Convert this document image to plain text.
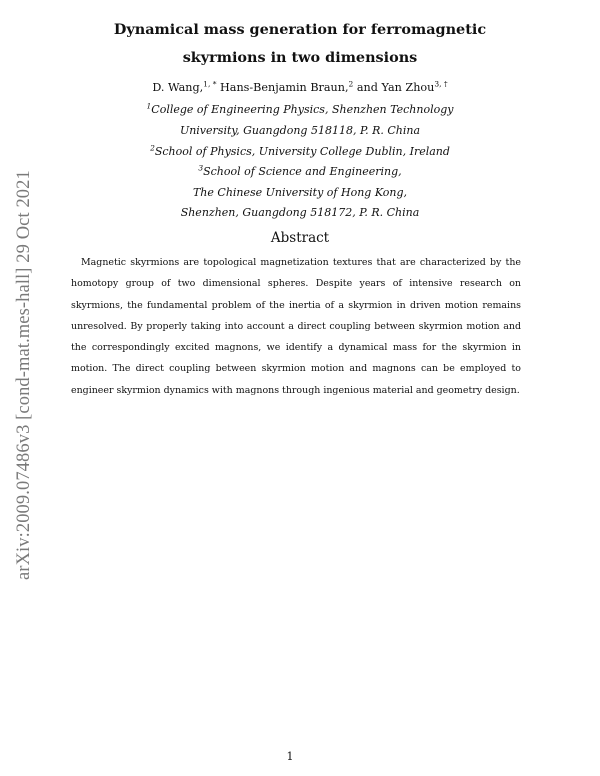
arXiv:2009.07486v3 [cond-mat.mes-hall] 29 Oct 2021
Dynamical mass generation for ferromagnetic skyrmions in two dimensions
D. Wang,$^{1, *}$ Hans-Benjamin Braun,$^2$ and Yan Zhou$^{3, \dagger}$
$^1$College of Engineering Physics, Shenzhen Technology
University, Guangdong 518118, P. R. China
$^2$School of Physics, University College Dublin, Ireland
$^3$School of Science and Engineering,
The Chinese University of Hong Kong,
Shenzhen, Guangdong 518172, P. R. China
Abstract
Magnetic skyrmions are topological magnetization textures that are characterized by the homotopy group of two dimensional spheres. Despite years of intensive research on skyrmions, the fundamental problem of the inertia of a skyrmion in driven motion remains unresolved. By properly taking into account a direct coupling between skyrmion motion and the correspondingly excited magnons, we identify a dynamical mass for the skyrmion in motion. The direct coupling between skyrmion motion and magnons can be employed to engineer skyrmion dynamics with magnons through ingenious material and geometry design.
1
